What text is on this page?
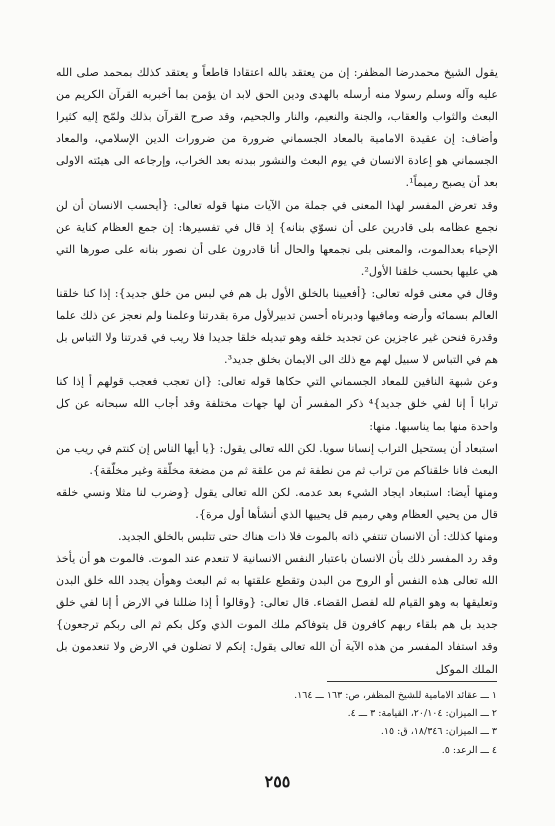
يقول الشيخ محمدرضا المظفر: إن من يعتقد بالله اعتقادا قاطعاً و يعتقد كذلك بمحمد صلى الله عليه وآله وسلم رسولا منه أرسله بالهدى ودين الحق لابد ان يؤمن بما أخبربه القرآن الكريم من البعث والثواب والعقاب، والجنة والنعيم، والنار والجحيم، وقد صرح القرآن بذلك ولمّح إليه كثيرا وأضاف: إن عقيدة الامامية بالمعاد الجسماني ضرورة من ضرورات الدين الإسلامي، والمعاد الجسماني هو إعادة الانسان في يوم البعث والنشور ببدنه بعد الخراب، وإرجاعه الى هيئته الاولى بعد أن يصبح رميماً¹.

وقد تعرض المفسر لهذا المعنى في جملة من الآيات منها قوله تعالى: {أيحسب الانسان أن لن نجمع عظامه بلى قادرين على أن نسوّي بنانه} إذ قال في تفسيرها: إن جمع العظام كناية عن الإحياء بعدالموت، والمعنى بلى نجمعها والحال أنا قادرون على أن نصور بنانه على صورها التي هي عليها بحسب خلقنا الأول².

وقال في معنى قوله تعالى: {أفعيينا بالخلق الأول بل هم في لبس من خلق جديد}: إذا كنا خلقنا العالم بسمائه وأرضه ومافيها ودبرناه أحسن تدبيرلأول مرة بقدرتنا وعلمنا ولم نعجز عن ذلك علما وقدرة فنحن غير عاجزين عن تجديد خلقه وهو تبديله خلقا جديدا فلا ريب في قدرتنا ولا التباس بل هم في التباس لا سبيل لهم مع ذلك الى الايمان بخلق جديد³.

وعن شبهة النافين للمعاد الجسماني التي حكاها قوله تعالى: {ان تعجب فعجب قولهم أ إذا كنا ترابا أ إنا لفي خلق جديد}⁴ ذكر المفسر أن لها جهات مختلفة وقد أجاب الله سبحانه عن كل واحدة منها بما يناسبها. منها:

استبعاد أن يستحيل التراب إنسانا سويا. لكن الله تعالى يقول: {يا أيها الناس إن كنتم في ريب من البعث فانا خلقناكم من تراب ثم من نطفة ثم من علقة ثم من مضغة مخلّقة وغير مخلّقة}.

ومنها أيضا: استبعاد ايجاد الشيء بعد عدمه. لكن الله تعالى يقول {وضرب لنا مثلا ونسي خلقه قال من يحيي العظام وهي رميم قل يحييها الذي أنشأها أول مرة}.

ومنها كذلك: أن الانسان تنتفي ذاته بالموت فلا ذات هناك حتى تتلبس بالخلق الجديد.

وقد رد المفسر ذلك بأن الانسان باعتبار النفس الانسانية لا تنعدم عند الموت. فالموت هو أن يأخذ الله تعالى هذه النفس أو الروح من البدن وتقطع علقتها به ثم البعث وهوأن يجدد الله خلق البدن وتعليقها به وهو القيام لله لفصل القضاء. قال تعالى: {وقالوا أ إذا ضللنا في الارض أ إنا لفي خلق جديد بل هم بلقاء ربهم كافرون قل يتوفاكم ملك الموت الذي وكل بكم ثم الى ربكم ترجعون} وقد استفاد المفسر من هذه الآية أن الله تعالى يقول: إنكم لا تضلون في الارض ولا تنعدمون بل الملك الموكل

١ ـــ عقائد الامامية للشيخ المظفر، ص: ١٦٣ ـــ ١٦٤.
٢ ـــ الميزان: ٢٠/١٠٤، القيامة: ٣ ـــ ٤.
٣ ـــ الميزان: ١٨/٣٤٦، ق: ١٥.
٤ ـــ الرعد: ٥.
٢٥٥
